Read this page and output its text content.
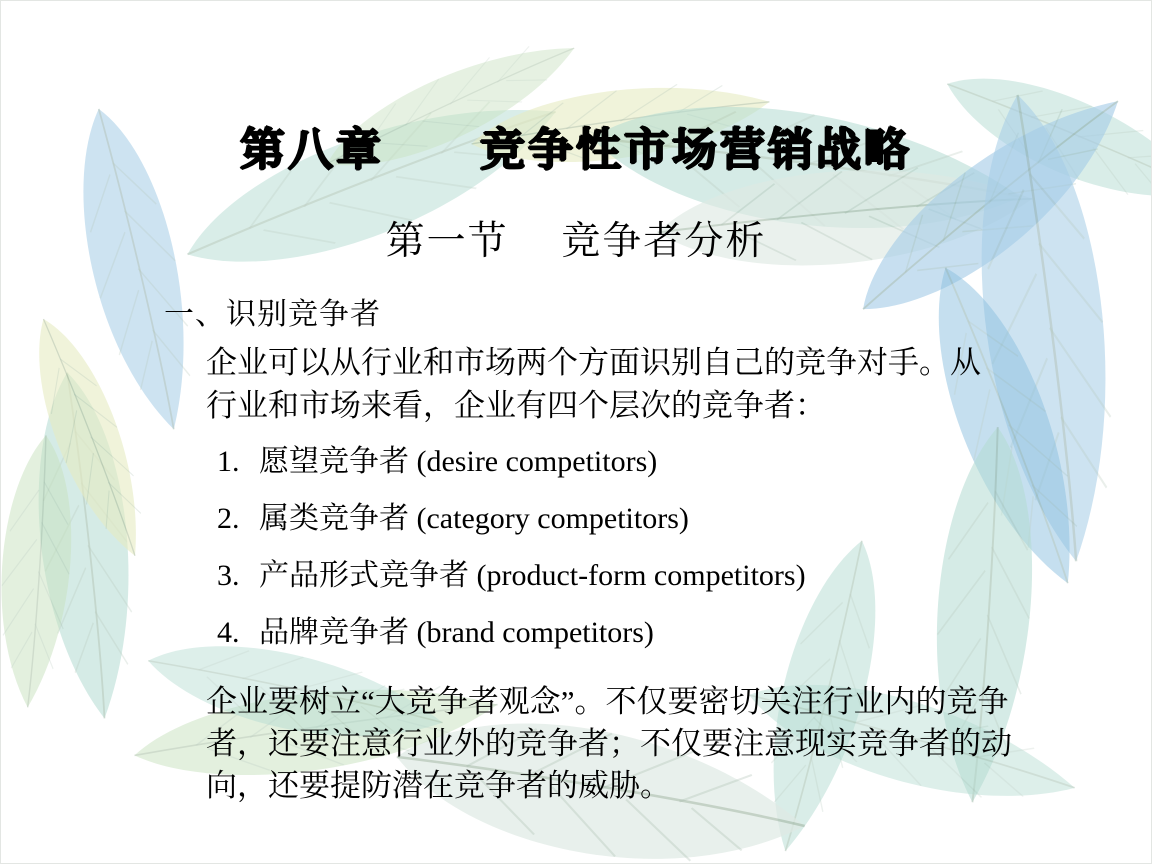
第八章　　竞争性市场营销战略
第一节　 竞争者分析
一、识别竞争者

企业可以从行业和市场两个方面识别自己的竞争对手。从行业和市场来看，企业有四个层次的竞争者：

1. 愿望竞争者 (desire competitors)
2. 属类竞争者 (category competitors)
3. 产品形式竞争者 (product-form competitors)
4. 品牌竞争者 (brand competitors)

企业要树立“大竞争者观念”。不仅要密切关注行业内的竞争者，还要注意行业外的竞争者；不仅要注意现实竞争者的动向，还要提防潜在竞争者的威胁。
